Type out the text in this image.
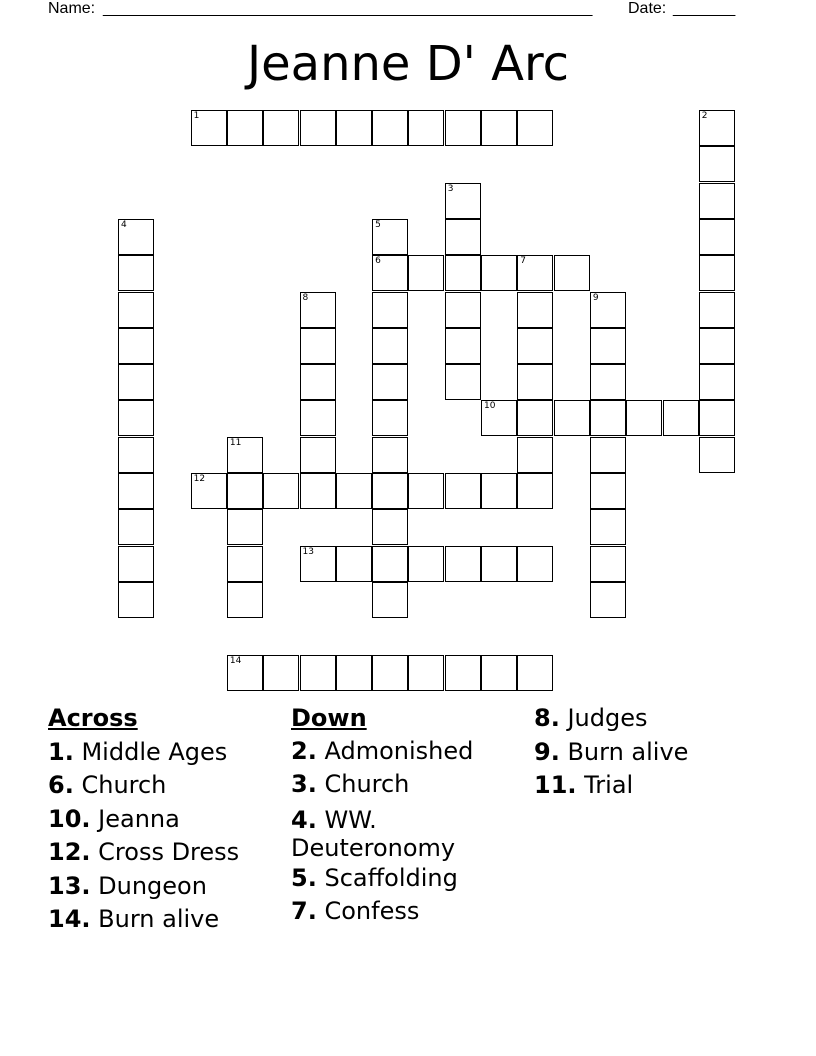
Name: _______________________________________________________ Date: _______
Jeanne D' Arc
1	2
3
4	5
6	7
8	9
10
11
12
13
14
Across
1. Middle Ages
6. Church
10. Jeanna
12. Cross Dress
13. Dungeon
14. Burn alive
Down
2. Admonished
3. Church
4. WW.
Deuteronomy
5. Scaffolding
7. Confess
8. Judges
9. Burn alive
11. Trial
